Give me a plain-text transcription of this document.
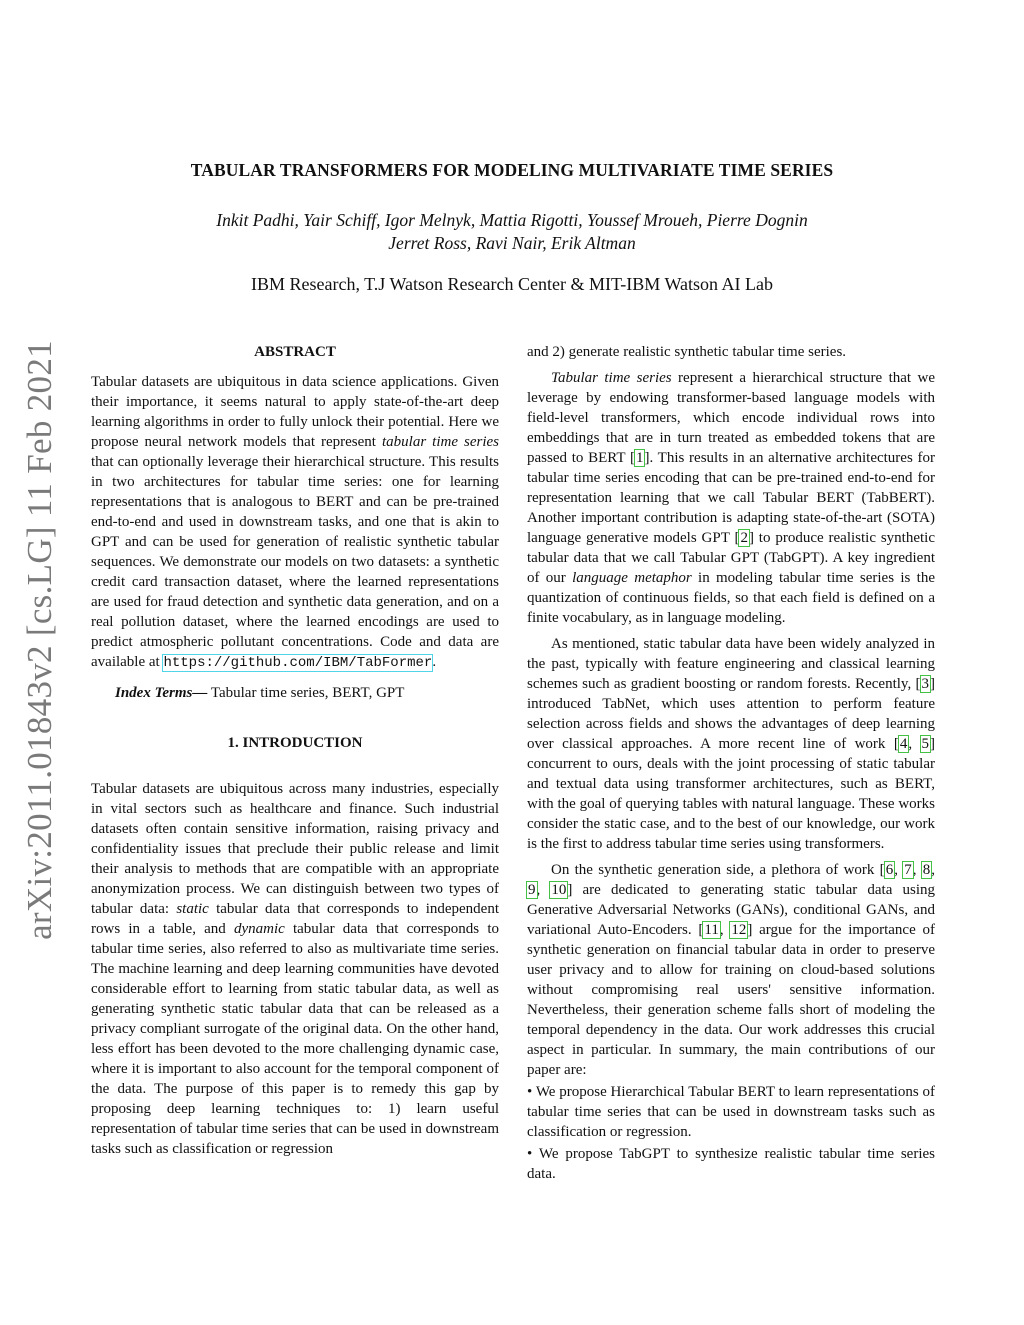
arXiv:2011.01843v2 [cs.LG] 11 Feb 2021
TABULAR TRANSFORMERS FOR MODELING MULTIVARIATE TIME SERIES
Inkit Padhi, Yair Schiff, Igor Melnyk, Mattia Rigotti, Youssef Mroueh, Pierre Dognin
Jerret Ross, Ravi Nair, Erik Altman
IBM Research, T.J Watson Research Center & MIT-IBM Watson AI Lab
ABSTRACT

Tabular datasets are ubiquitous in data science applications. Given their importance, it seems natural to apply state-of-the-art deep learning algorithms in order to fully unlock their potential. Here we propose neural network models that represent tabular time series that can optionally leverage their hierarchical structure. This results in two architectures for tabular time series: one for learning representations that is analogous to BERT and can be pre-trained end-to-end and used in downstream tasks, and one that is akin to GPT and can be used for generation of realistic synthetic tabular sequences. We demonstrate our models on two datasets: a synthetic credit card transaction dataset, where the learned representations are used for fraud detection and synthetic data generation, and on a real pollution dataset, where the learned encodings are used to predict atmospheric pollutant concentrations. Code and data are available at https://github.com/IBM/TabFormer.

Index Terms— Tabular time series, BERT, GPT

1. INTRODUCTION

Tabular datasets are ubiquitous across many industries, especially in vital sectors such as healthcare and finance. Such industrial datasets often contain sensitive information, raising privacy and confidentiality issues that preclude their public release and limit their analysis to methods that are compatible with an appropriate anonymization process. We can distinguish between two types of tabular data: static tabular data that corresponds to independent rows in a table, and dynamic tabular data that corresponds to tabular time series, also referred to also as multivariate time series. The machine learning and deep learning communities have devoted considerable effort to learning from static tabular data, as well as generating synthetic static tabular data that can be released as a privacy compliant surrogate of the original data. On the other hand, less effort has been devoted to the more challenging dynamic case, where it is important to also account for the temporal component of the data. The purpose of this paper is to remedy this gap by proposing deep learning techniques to: 1) learn useful representation of tabular time series that can be used in downstream tasks such as classification or regression

and 2) generate realistic synthetic tabular time series.

Tabular time series represent a hierarchical structure that we leverage by endowing transformer-based language models with field-level transformers, which encode individual rows into embeddings that are in turn treated as embedded tokens that are passed to BERT [1]. This results in an alternative architectures for tabular time series encoding that can be pre-trained end-to-end for representation learning that we call Tabular BERT (TabBERT). Another important contribution is adapting state-of-the-art (SOTA) language generative models GPT [2] to produce realistic synthetic tabular data that we call Tabular GPT (TabGPT). A key ingredient of our language metaphor in modeling tabular time series is the quantization of continuous fields, so that each field is defined on a finite vocabulary, as in language modeling.

As mentioned, static tabular data have been widely analyzed in the past, typically with feature engineering and classical learning schemes such as gradient boosting or random forests. Recently, [3] introduced TabNet, which uses attention to perform feature selection across fields and shows the advantages of deep learning over classical approaches. A more recent line of work [4, 5] concurrent to ours, deals with the joint processing of static tabular and textual data using transformer architectures, such as BERT, with the goal of querying tables with natural language. These works consider the static case, and to the best of our knowledge, our work is the first to address tabular time series using transformers.

On the synthetic generation side, a plethora of work [6, 7, 8, 9, 10] are dedicated to generating static tabular data using Generative Adversarial Networks (GANs), conditional GANs, and variational Auto-Encoders. [11, 12] argue for the importance of synthetic generation on financial tabular data in order to preserve user privacy and to allow for training on cloud-based solutions without compromising real users' sensitive information. Nevertheless, their generation scheme falls short of modeling the temporal dependency in the data. Our work addresses this crucial aspect in particular. In summary, the main contributions of our paper are:

• We propose Hierarchical Tabular BERT to learn representations of tabular time series that can be used in downstream tasks such as classification or regression.

• We propose TabGPT to synthesize realistic tabular time series data.
